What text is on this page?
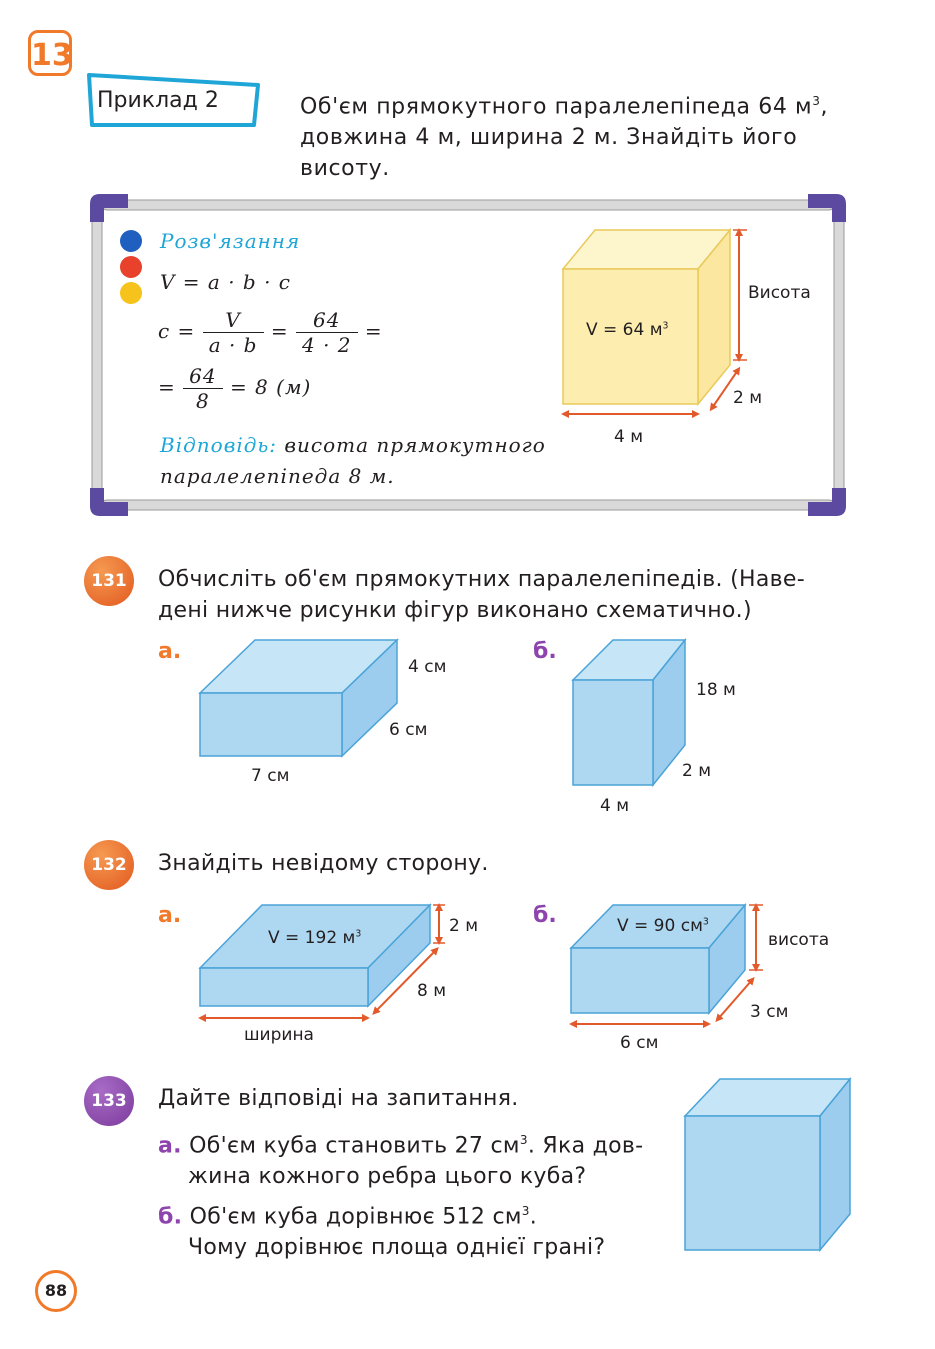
13
Приклад 2	Об'єм прямокутного паралелепіпеда 64 $м^3$,
довжина 4 м, ширина 2 м. Знайдіть його
висоту.
Розв'язання
V = a · b · c
$c = \frac{V}{a \cdot b} = \frac{64}{4 \cdot 2}$ =
= $\frac{64}{8} = 8$ (м)
Відповідь: висота прямокутного
паралелепіпеда 8 м.
V = 64 $м^3$
Висота
2 м
4 м
131	Обчисліть об'єм прямокутних паралелепіпедів. (Наве-
дені нижче рисунки фігур виконано схематично.)
а.
4 см
6 см
7 см
б.
18 м
2 м
4 м
132	Знайдіть невідому сторону.
а.
V = 192 $м^3$	2 м
8 м
ширина
б.	V = 90 $см^3$
висота
3 см
6 см
133	Дайте відповіді на запитання.
а. Об'єм куба становить 27 $см^3$. Яка дов-
жина кожного ребра цього куба?
б. Об'єм куба дорівнює 512 $см^3$.
Чому дорівнює площа однієї грані?
88
